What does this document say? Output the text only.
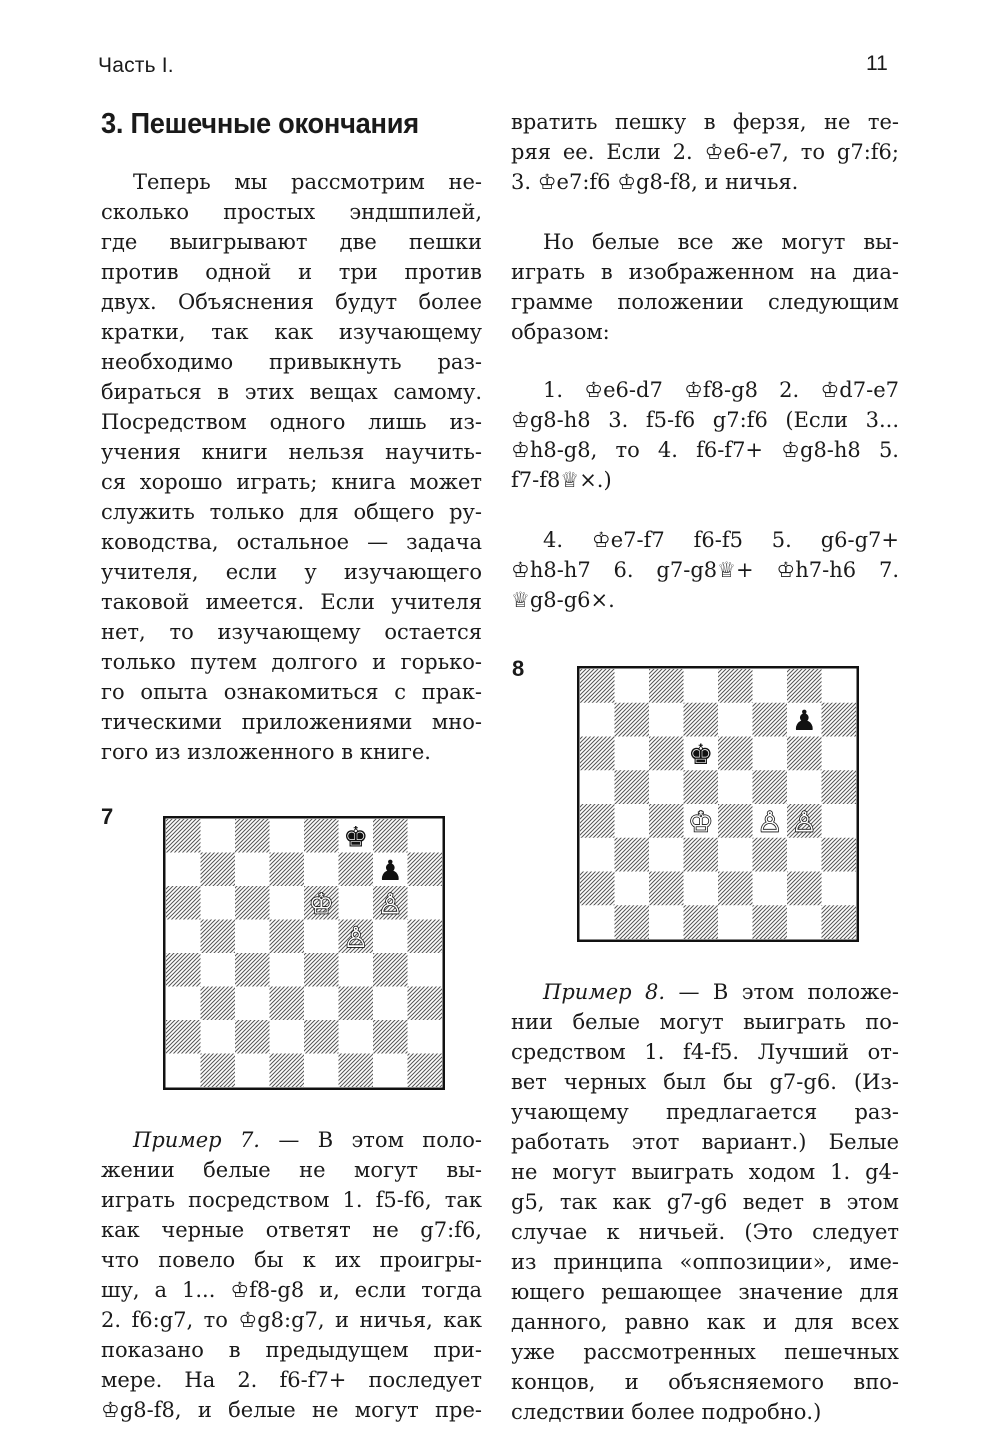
Часть I.	11
3. Пешечные окончания
Теперь мы рассмотрим не-
сколько простых эндшпилей,
где выигрывают две пешки
против одной и три против
двух. Объяснения будут более
кратки, так как изучающему
необходимо привыкнуть раз-
бираться в этих вещах самому.
Посредством одного лишь из-
учения книги нельзя научить-
ся хорошо играть; книга может
служить только для общего ру-
ководства, остальное — задача
учителя, если у изучающего
таковой имеется. Если учителя
нет, то изучающему остается
только путем долгого и горько-
го опыта ознакомиться с прак-
тическими приложениями мно-
гого из изложенного в книге.
7
♚
♟
♔ ♙
♙
Пример 7. — В этом поло-
жении белые не могут вы-
играть посредством 1. f5-f6, так
как черные ответят не g7:f6,
что повело бы к их проигры-
шу, а 1... ♔f8-g8 и, если тогда
2. f6:g7, то ♔g8:g7, и ничья, как
показано в предыдущем при-
мере. На 2. f6-f7+ последует
♔g8-f8, и белые не могут пре-
вратить пешку в ферзя, не те-
ряя ее. Если 2. ♔e6-e7, то g7:f6;
3. ♔e7:f6 ♔g8-f8, и ничья.
Но белые все же могут вы-
играть в изображенном на диа-
грамме положении следующим
образом:
1. ♔e6-d7 ♔f8-g8 2. ♔d7-e7
♔g8-h8 3. f5-f6 g7:f6 (Если 3...
♔h8-g8, то 4. f6-f7+ ♔g8-h8 5.
f7-f8♕×.)
4. ♔e7-f7 f6-f5 5. g6-g7+
♔h8-h7 6. g7-g8♕+ ♔h7-h6 7.
♕g8-g6×.
8
♟
♚
♔ ♙ ♙
Пример 8. — В этом положе-
нии белые могут выиграть по-
средством 1. f4-f5. Лучший от-
вет черных был бы g7-g6. (Из-
учающему предлагается раз-
работать этот вариант.) Белые
не могут выиграть ходом 1. g4-
g5, так как g7-g6 ведет в этом
случае к ничьей. (Это следует
из принципа «оппозиции», име-
ющего решающее значение для
данного, равно как и для всех
уже рассмотренных пешечных
концов, и объясняемого впо-
следствии более подробно.)
